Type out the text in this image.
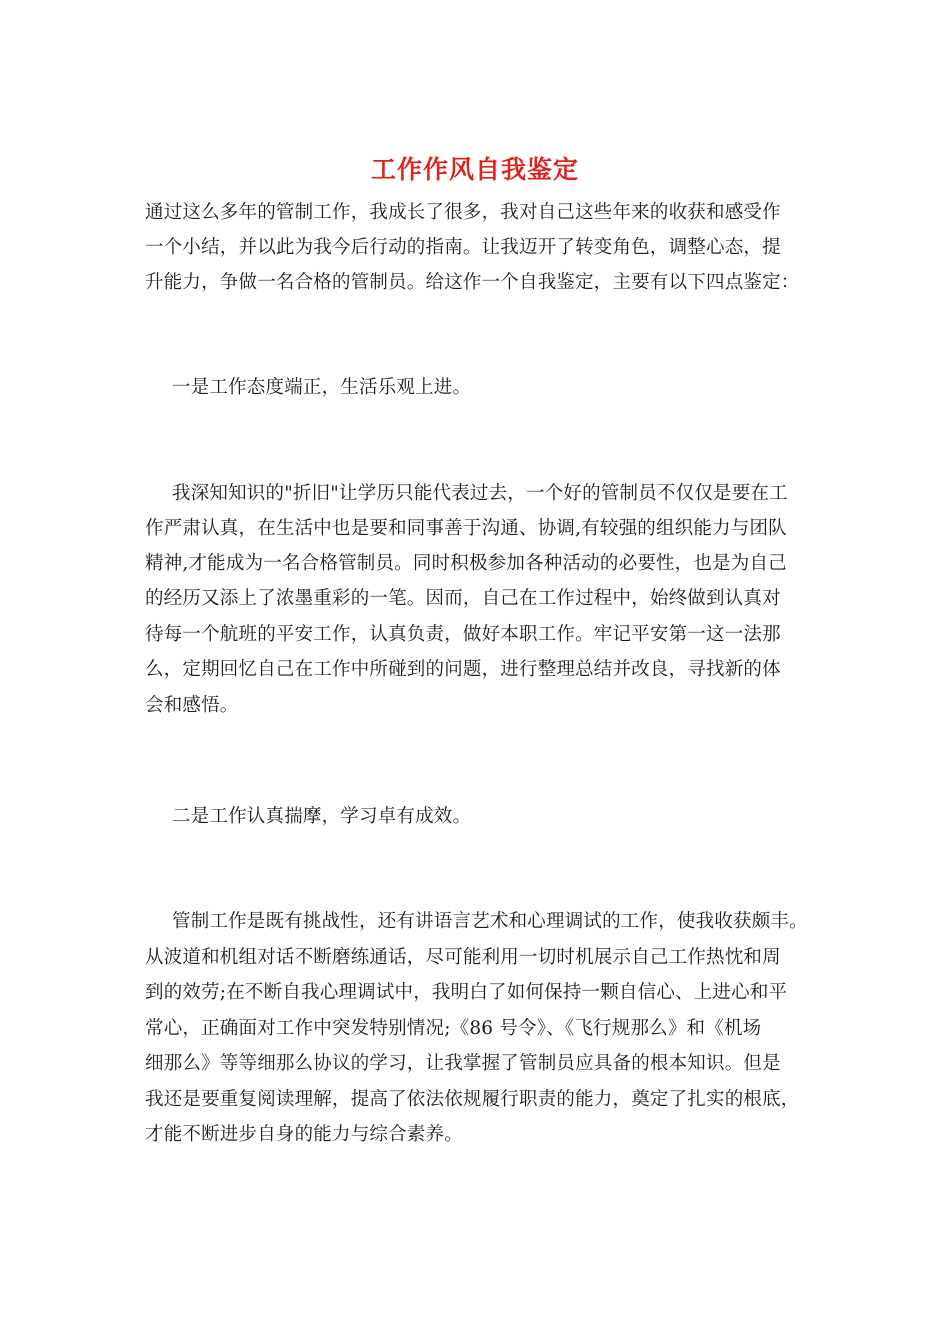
工作作风自我鉴定
通过这么多年的管制工作，我成长了很多，我对自己这些年来的收获和感受作
一个小结，并以此为我今后行动的指南。让我迈开了转变角色，调整心态，提
升能力，争做一名合格的管制员。给这作一个自我鉴定，主要有以下四点鉴定：
一是工作态度端正，生活乐观上进。
我深知知识的"折旧"让学历只能代表过去，一个好的管制员不仅仅是要在工
作严肃认真，在生活中也是要和同事善于沟通、协调,有较强的组织能力与团队
精神,才能成为一名合格管制员。同时积极参加各种活动的必要性，也是为自己
的经历又添上了浓墨重彩的一笔。因而，自己在工作过程中，始终做到认真对
待每一个航班的平安工作，认真负责，做好本职工作。牢记平安第一这一法那
么，定期回忆自己在工作中所碰到的问题，进行整理总结并改良，寻找新的体
会和感悟。
二是工作认真揣摩，学习卓有成效。
管制工作是既有挑战性，还有讲语言艺术和心理调试的工作，使我收获颇丰。
从波道和机组对话不断磨练通话，尽可能利用一切时机展示自己工作热忱和周
到的效劳;在不断自我心理调试中，我明白了如何保持一颗自信心、上进心和平
常心，正确面对工作中突发特别情况;《86 号令》、《飞行规那么》和《机场
细那么》等等细那么协议的学习，让我掌握了管制员应具备的根本知识。但是
我还是要重复阅读理解，提高了依法依规履行职责的能力，奠定了扎实的根底，
才能不断进步自身的能力与综合素养。
